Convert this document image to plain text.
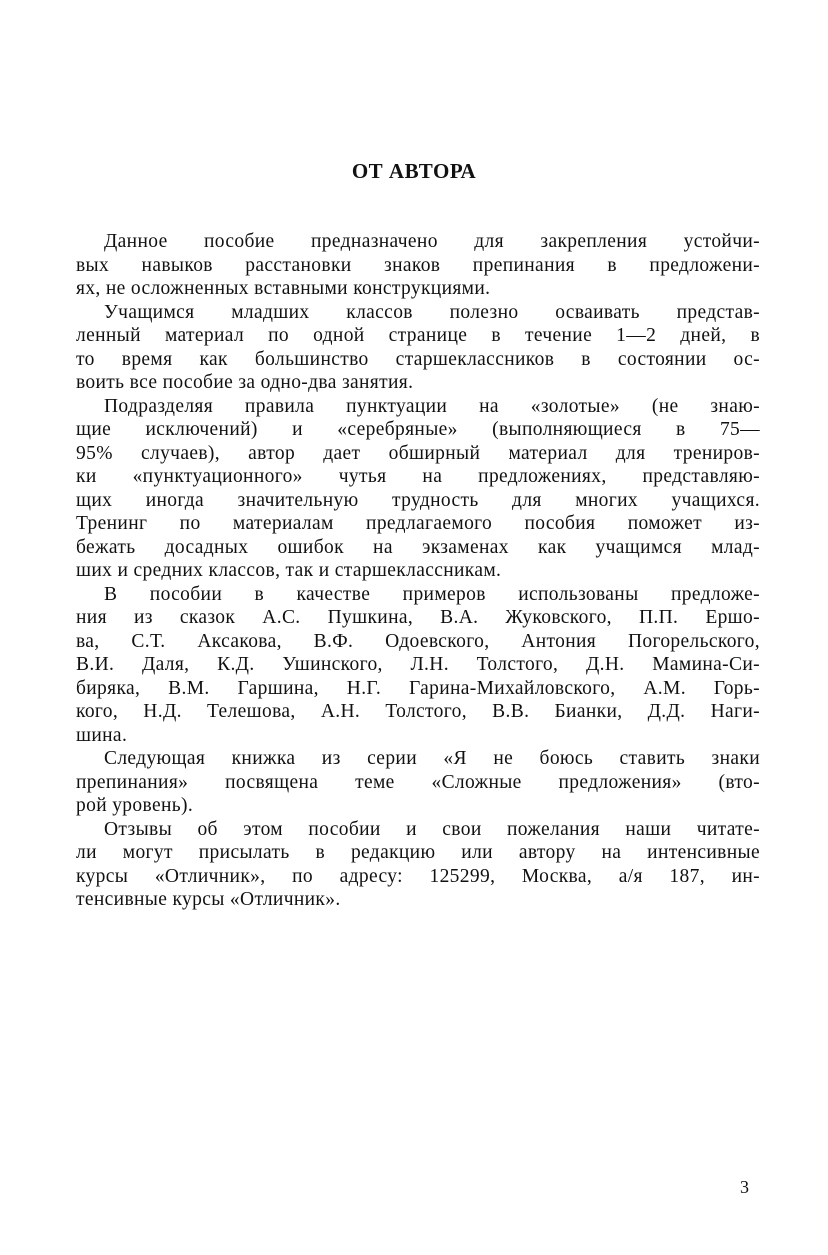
ОТ АВТОРА
Данное пособие предназначено для закрепления устойчи-
вых навыков расстановки знаков препинания в предложени-
ях, не осложненных вставными конструкциями.
Учащимся младших классов полезно осваивать представ-
ленный материал по одной странице в течение 1—2 дней, в
то время как большинство старшеклассников в состоянии ос-
воить все пособие за одно-два занятия.
Подразделяя правила пунктуации на «золотые» (не знаю-
щие исключений) и «серебряные» (выполняющиеся в 75—
95% случаев), автор дает обширный материал для трениров-
ки «пунктуационного» чутья на предложениях, представляю-
щих иногда значительную трудность для многих учащихся.
Тренинг по материалам предлагаемого пособия поможет из-
бежать досадных ошибок на экзаменах как учащимся млад-
ших и средних классов, так и старшеклассникам.
В пособии в качестве примеров использованы предложе-
ния из сказок А.С. Пушкина, В.А. Жуковского, П.П. Ершо-
ва, С.Т. Аксакова, В.Ф. Одоевского, Антония Погорельского,
В.И. Даля, К.Д. Ушинского, Л.Н. Толстого, Д.Н. Мамина-Си-
биряка, В.М. Гаршина, Н.Г. Гарина-Михайловского, А.М. Горь-
кого, Н.Д. Телешова, А.Н. Толстого, В.В. Бианки, Д.Д. Наги-
шина.
Следующая книжка из серии «Я не боюсь ставить знаки
препинания» посвящена теме «Сложные предложения» (вто-
рой уровень).
Отзывы об этом пособии и свои пожелания наши читате-
ли могут присылать в редакцию или автору на интенсивные
курсы «Отличник», по адресу: 125299, Москва, а/я 187, ин-
тенсивные курсы «Отличник».
3
